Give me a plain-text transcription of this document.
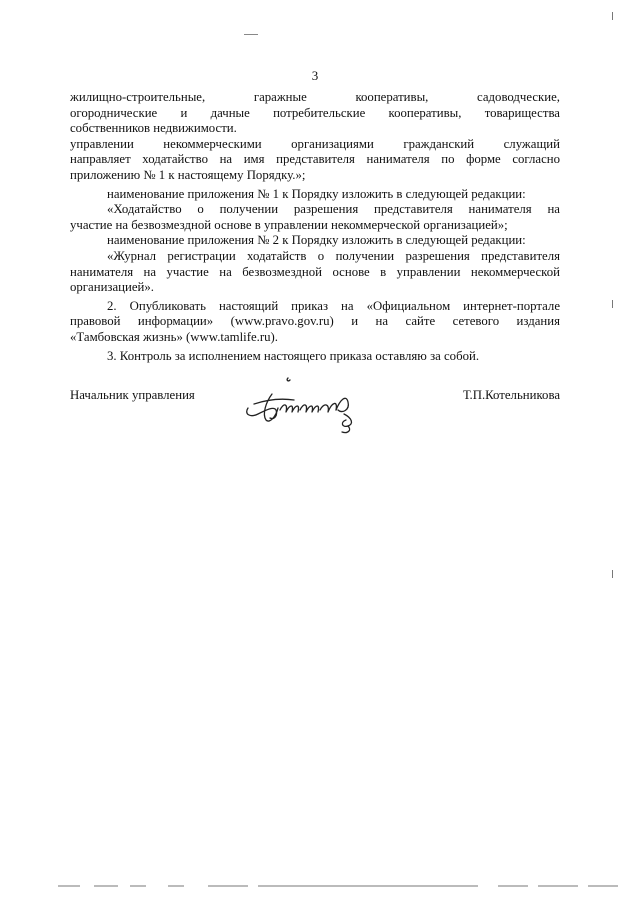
3
жилищно-строительные, гаражные кооперативы, садоводческие,
огороднические и дачные потребительские кооперативы, товарищества
собственников недвижимости.
управлении некоммерческими организациями гражданский служащий
направляет ходатайство на имя представителя нанимателя по форме согласно
приложению № 1 к настоящему Порядку.»;
наименование приложения № 1 к Порядку изложить в следующей редакции:
«Ходатайство о получении разрешения представителя нанимателя на
участие на безвозмездной основе в управлении некоммерческой организацией»;
наименование приложения № 2 к Порядку изложить в следующей редакции:
«Журнал регистрации ходатайств о получении разрешения представителя
нанимателя на участие на безвозмездной основе в управлении некоммерческой
организацией».
2. Опубликовать настоящий приказ на «Официальном интернет-портале
правовой информации» (www.pravo.gov.ru) и на сайте сетевого издания
«Тамбовская жизнь» (www.tamlife.ru).
3. Контроль за исполнением настоящего приказа оставляю за собой.
Начальник управления	Т.П.Котельникова
